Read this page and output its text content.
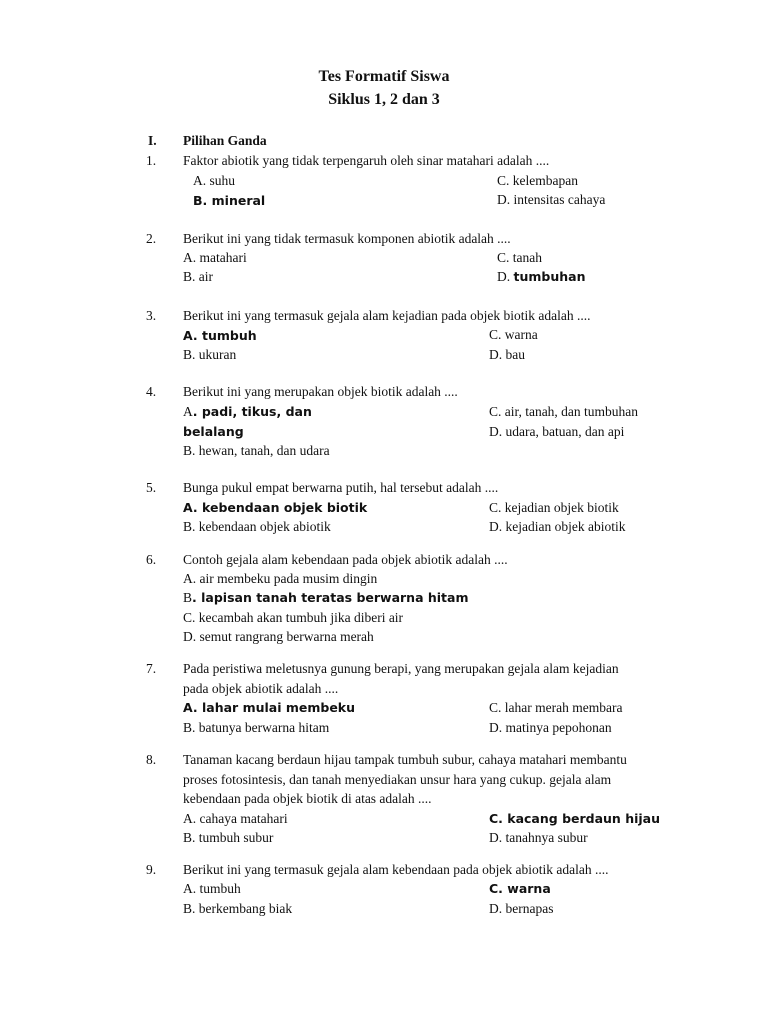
Tes Formatif Siswa
Siklus 1, 2 dan 3
I. Pilihan Ganda
1. Faktor abiotik yang tidak terpengaruh oleh sinar matahari adalah ....
A. suhu	C. kelembapan
B. mineral	D. intensitas cahaya
2. Berikut ini yang tidak termasuk komponen abiotik adalah ....
A. matahari	C. tanah
B. air	D. tumbuhan
3. Berikut ini yang termasuk gejala alam kejadian pada objek biotik adalah ....
A. tumbuh	C. warna
B. ukuran	D. bau
4. Berikut ini yang merupakan objek biotik adalah ....
A. padi, tikus, dan	C. air, tanah, dan tumbuhan
belalang	D. udara, batuan, dan api
B. hewan, tanah, dan udara
5. Bunga pukul empat berwarna putih, hal tersebut adalah ....
A. kebendaan objek biotik	C. kejadian objek biotik
B. kebendaan objek abiotik	D. kejadian objek abiotik
6. Contoh gejala alam kebendaan pada objek abiotik adalah ....
A. air membeku pada musim dingin
B. lapisan tanah teratas berwarna hitam
C. kecambah akan tumbuh jika diberi air
D. semut rangrang berwarna merah
7. Pada peristiwa meletusnya gunung berapi, yang merupakan gejala alam kejadian
pada objek abiotik adalah ....
A. lahar mulai membeku	C. lahar merah membara
B. batunya berwarna hitam	D. matinya pepohonan
8. Tanaman kacang berdaun hijau tampak tumbuh subur, cahaya matahari membantu
proses fotosintesis, dan tanah menyediakan unsur hara yang cukup. gejala alam
kebendaan pada objek biotik di atas adalah ....
A. cahaya matahari	C. kacang berdaun hijau
B. tumbuh subur	D. tanahnya subur
9. Berikut ini yang termasuk gejala alam kebendaan pada objek abiotik adalah ....
A. tumbuh	C. warna
B. berkembang biak	D. bernapas
